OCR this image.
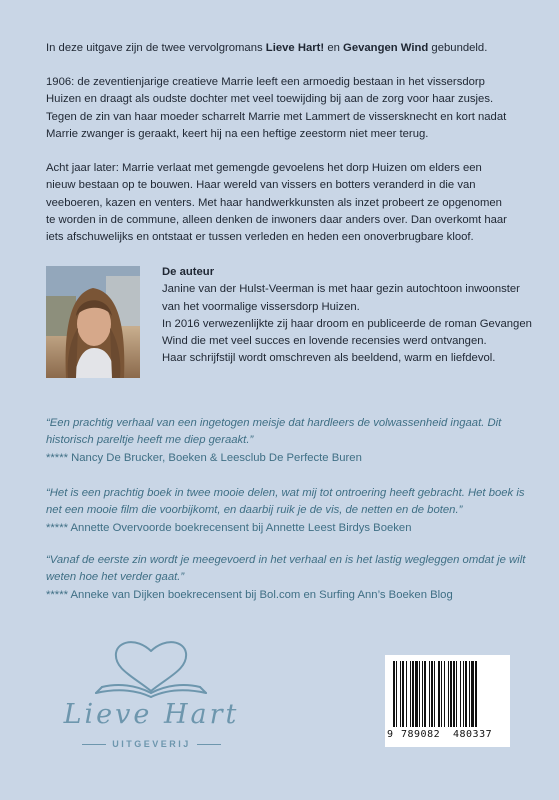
In deze uitgave zijn de twee vervolgromans Lieve Hart! en Gevangen Wind gebundeld.

1906: de zeventienjarige creatieve Marrie leeft een armoedig bestaan in het vissersdorp Huizen en draagt als oudste dochter met veel toewijding bij aan de zorg voor haar zusjes. Tegen de zin van haar moeder scharrelt Marrie met Lammert de vissersknecht en kort nadat Marrie zwanger is geraakt, keert hij na een heftige zeestorm niet meer terug.

Acht jaar later: Marrie verlaat met gemengde gevoelens het dorp Huizen om elders een nieuw bestaan op te bouwen. Haar wereld van vissers en botters veranderd in die van veeboeren, kazen en venters. Met haar handwerkkunsten als inzet probeert ze opgenomen te worden in de commune, alleen denken de inwoners daar anders over. Dan overkomt haar iets afschuwelijks en ontstaat er tussen verleden en heden een onoverbrugbare kloof.

De auteur
Janine van der Hulst-Veerman is met haar gezin autochtoon inwoonster van het voormalige vissersdorp Huizen.
In 2016 verwezenlijkte zij haar droom en publiceerde de roman Gevangen Wind die met veel succes en lovende recensies werd ontvangen.
Haar schrijfstijl wordt omschreven als beeldend, warm en liefdevol.
“Een prachtig verhaal van een ingetogen meisje dat hardleers de volwassenheid ingaat. Dit historisch pareltje heeft me diep geraakt.”
***** Nancy De Brucker, Boeken & Leesclub De Perfecte Buren
“Het is een prachtig boek in twee mooie delen, wat mij tot ontroering heeft gebracht. Het boek is net een mooie film die voorbijkomt, en daarbij ruik je de vis, de netten en de boten.”
***** Annette Overvoorde boekrecensent bij Annette Leest Birdys Boeken
“Vanaf de eerste zin wordt je meegevoerd in het verhaal en is het lastig wegleggen omdat je wilt weten hoe het verder gaat.”
***** Anneke van Dijken boekrecensent bij Bol.com en Surfing Ann’s Boeken Blog
Lieve Hart
UITGEVERIJ
9 789082 480337
